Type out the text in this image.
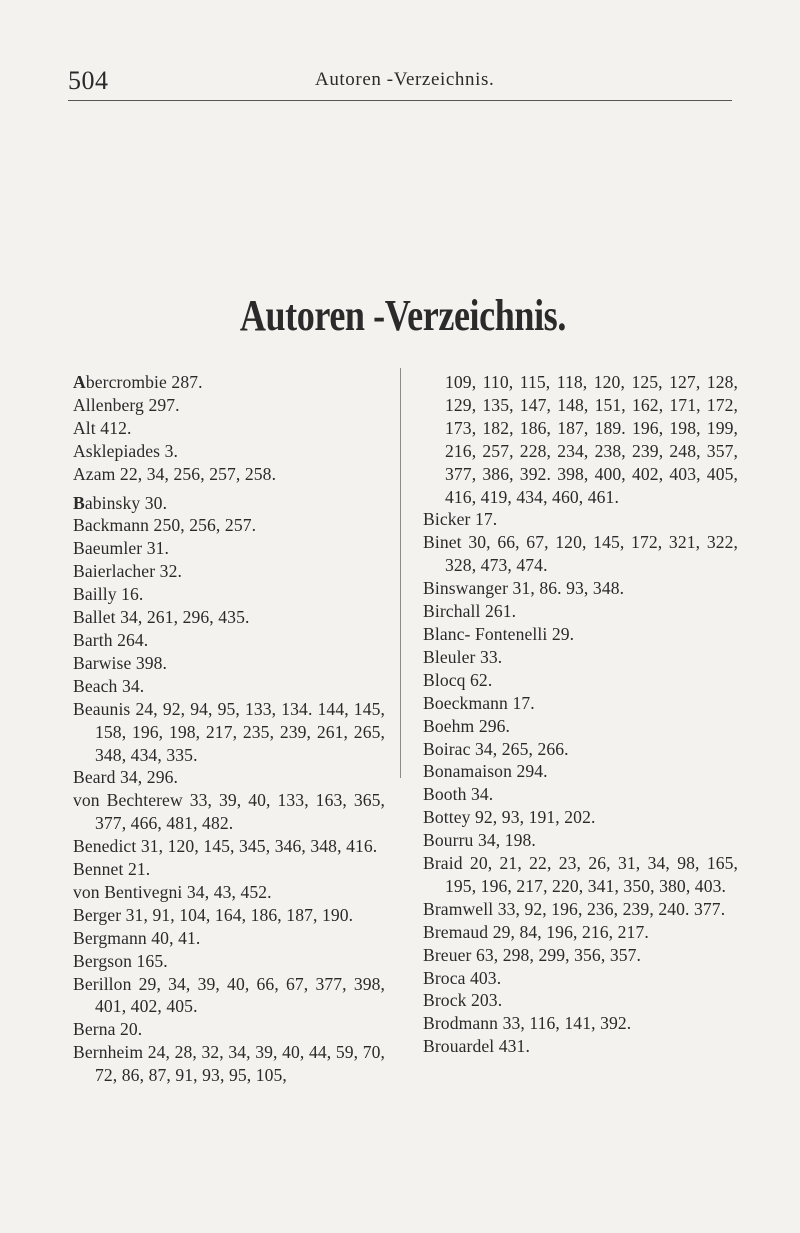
504	Autoren -Verzeichnis.
Autoren -Verzeichnis.

Abercrombie 287.

Allenberg 297.

Alt 412.

Asklepiades 3.

Azam 22, 34, 256, 257, 258.

Babinsky 30.

Backmann 250, 256, 257.

Baeumler 31.

Baierlacher 32.

Bailly 16.

Ballet 34, 261, 296, 435.

Barth 264.

Barwise 398.

Beach 34.

Beaunis 24, 92, 94, 95, 133, 134. 144, 145, 158, 196, 198, 217, 235, 239, 261, 265, 348, 434, 335.

Beard 34, 296.

von Bechterew 33, 39, 40, 133, 163, 365, 377, 466, 481, 482.

Benedict 31, 120, 145, 345, 346, 348, 416.

Bennet 21.

von Bentivegni 34, 43, 452.

Berger 31, 91, 104, 164, 186, 187, 190.

Bergmann 40, 41.

Bergson 165.

Berillon 29, 34, 39, 40, 66, 67, 377, 398, 401, 402, 405.

Berna 20.

Bernheim 24, 28, 32, 34, 39, 40, 44, 59, 70, 72, 86, 87, 91, 93, 95, 105,

109, 110, 115, 118, 120, 125, 127, 128, 129, 135, 147, 148, 151, 162, 171, 172, 173, 182, 186, 187, 189. 196, 198, 199, 216, 257, 228, 234, 238, 239, 248, 357, 377, 386, 392. 398, 400, 402, 403, 405, 416, 419, 434, 460, 461.

Bicker 17.

Binet 30, 66, 67, 120, 145, 172, 321, 322, 328, 473, 474.

Binswanger 31, 86. 93, 348.

Birchall 261.

Blanc- Fontenelli 29.

Bleuler 33.

Blocq 62.

Boeckmann 17.

Boehm 296.

Boirac 34, 265, 266.

Bonamaison 294.

Booth 34.

Bottey 92, 93, 191, 202.

Bourru 34, 198.

Braid 20, 21, 22, 23, 26, 31, 34, 98, 165, 195, 196, 217, 220, 341, 350, 380, 403.

Bramwell 33, 92, 196, 236, 239, 240. 377.

Bremaud 29, 84, 196, 216, 217.

Breuer 63, 298, 299, 356, 357.

Broca 403.

Brock 203.

Brodmann 33, 116, 141, 392.

Brouardel 431.
